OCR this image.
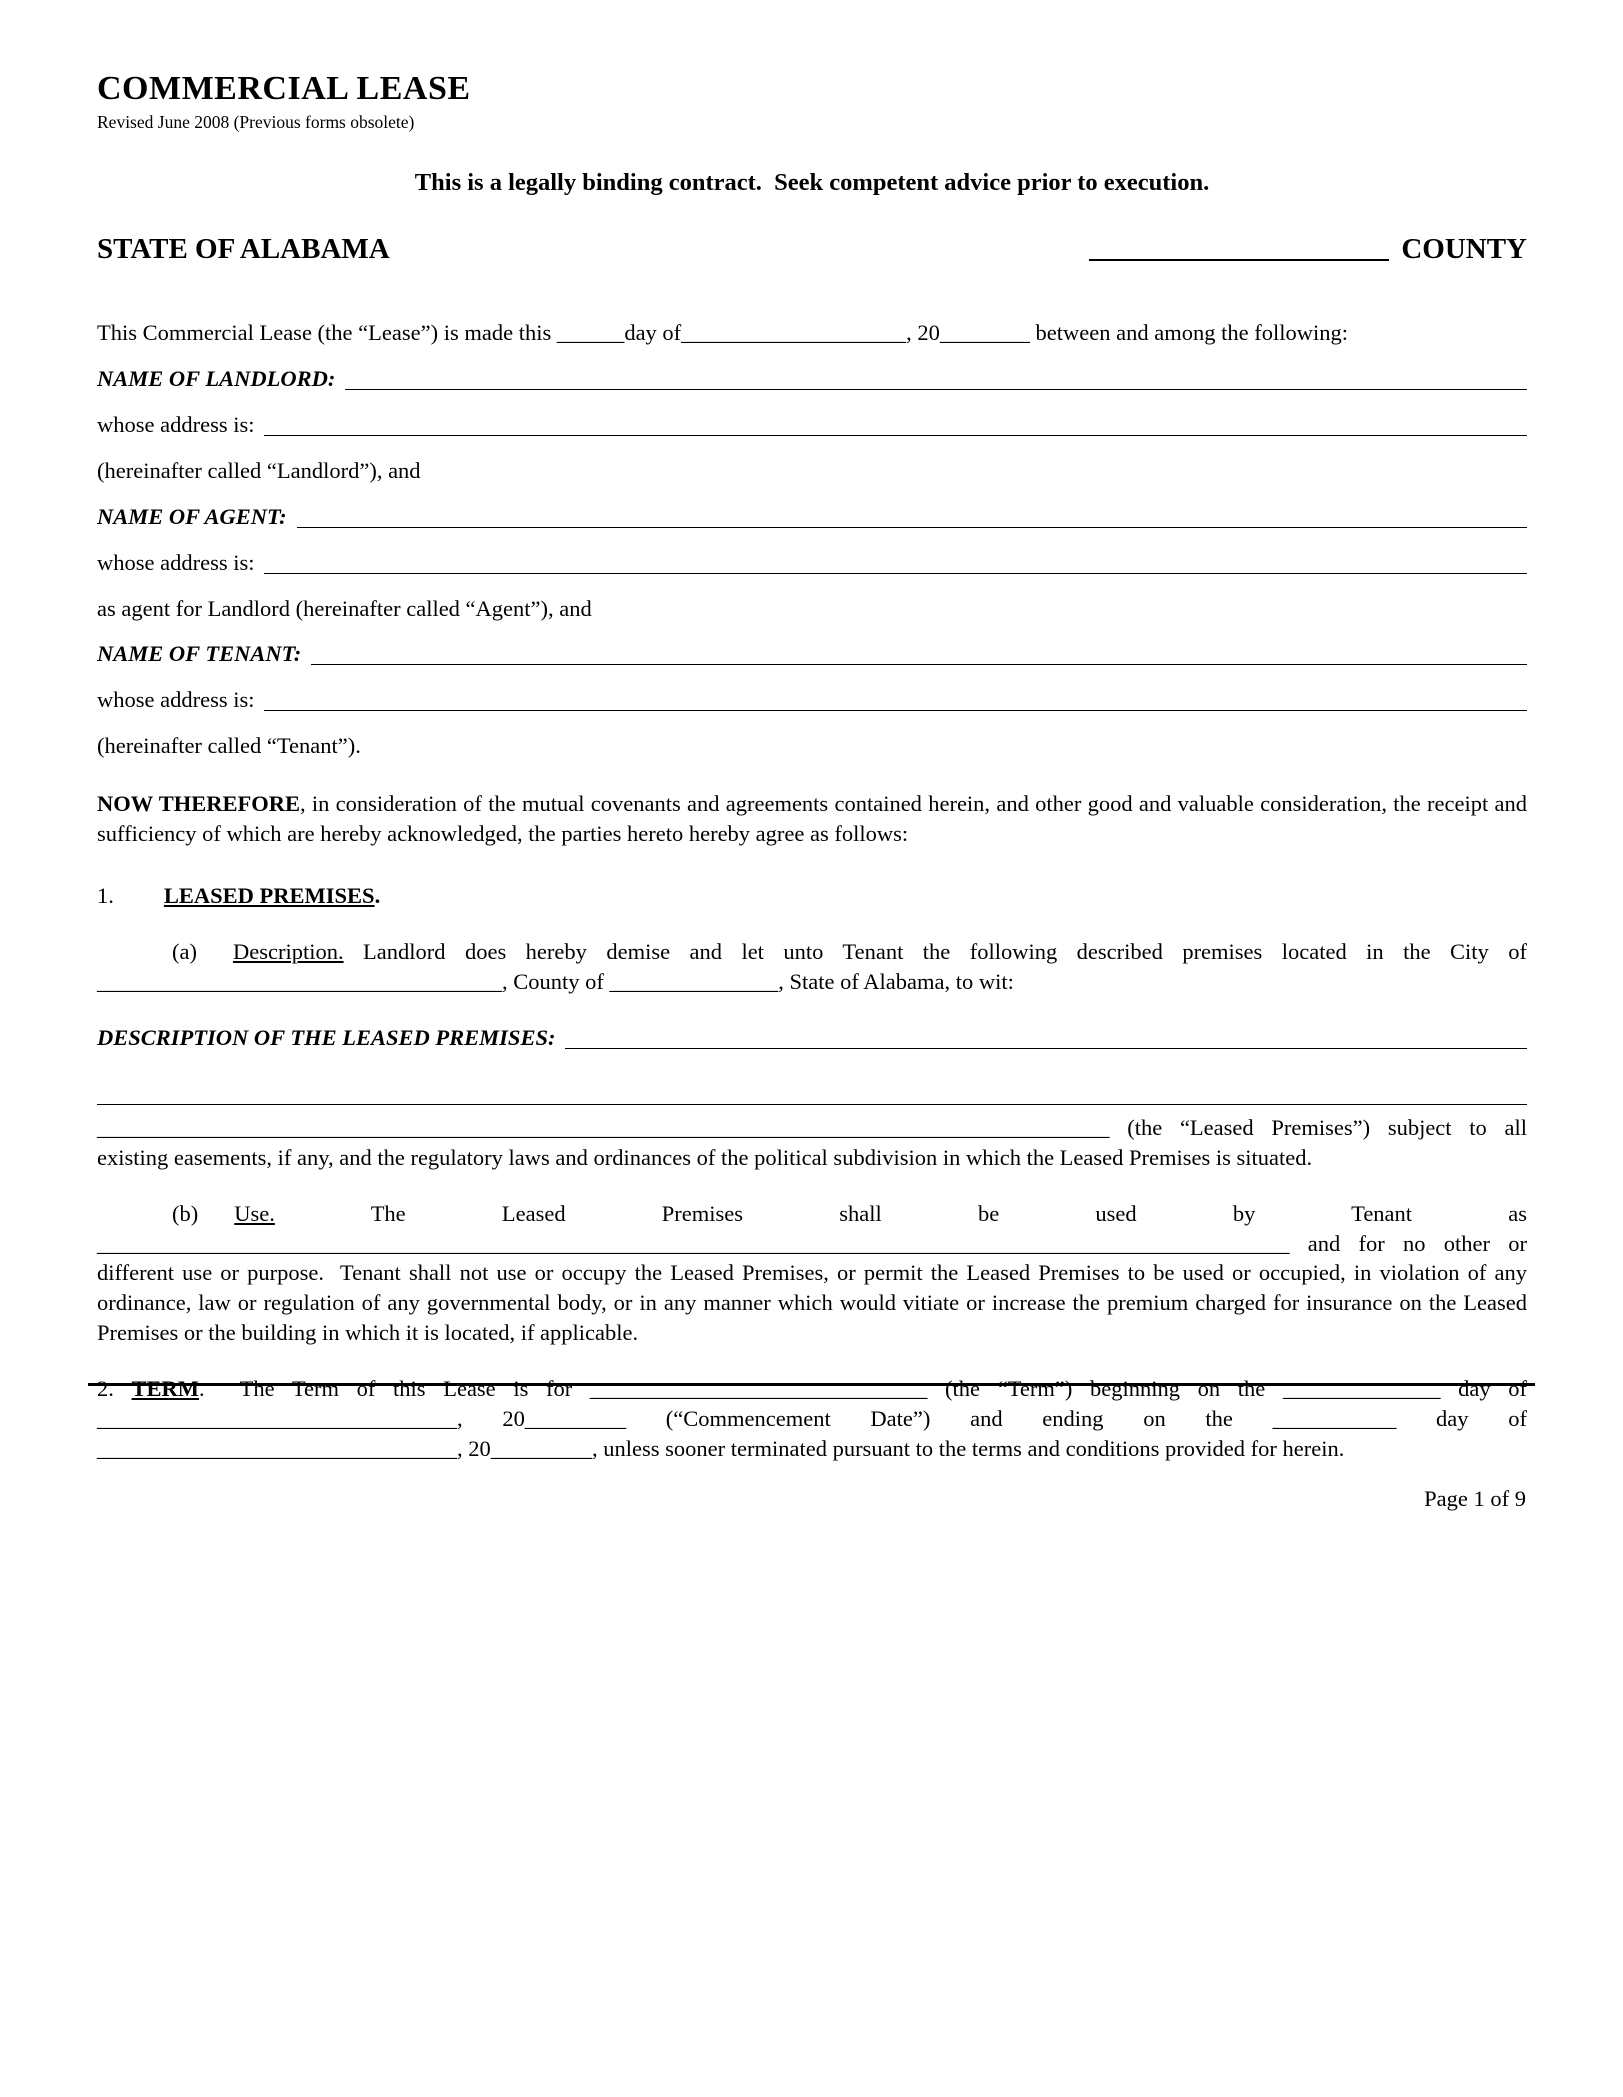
COMMERCIAL LEASE
Revised June 2008 (Previous forms obsolete)
This is a legally binding contract.  Seek competent advice prior to execution.
STATE OF ALABAMA	COUNTY

This Commercial Lease (the “Lease”) is made this ______day of____________________, 20________ between and among the following:

NAME OF LANDLORD:
whose address is:

(hereinafter called “Landlord”), and

NAME OF AGENT:
whose address is:

as agent for Landlord (hereinafter called “Agent”), and

NAME OF TENANT:
whose address is:

(hereinafter called “Tenant”).

NOW THEREFORE, in consideration of the mutual covenants and agreements contained herein, and other good and valuable consideration, the receipt and sufficiency of which are hereby acknowledged, the parties hereto hereby agree as follows:

1. LEASED PREMISES.

(a) Description. Landlord does hereby demise and let unto Tenant the following described premises located in the City of ____________________________________, County of _______________, State of Alabama, to wit:

DESCRIPTION OF THE LEASED PREMISES:

__________________________________________________________________________________________ (the “Leased Premises”) subject to all existing easements, if any, and the regulatory laws and ordinances of the political subdivision in which the Leased Premises is situated.

(b) Use.	The Leased Premises shall be used by Tenant as __________________________________________________________________________________________________________ and for no other or different use or purpose.  Tenant shall not use or occupy the Leased Premises, or permit the Leased Premises to be used or occupied, in violation of any ordinance, law or regulation of any governmental body, or in any manner which would vitiate or increase the premium charged for insurance on the Leased Premises or the building in which it is located, if applicable.

2. TERM.  The Term of this Lease is for ______________________________ (the “Term”) beginning on the ______________ day of ________________________________, 20_________ (“Commencement Date”) and ending on the ___________ day of ________________________________, 20_________, unless sooner terminated pursuant to the terms and conditions provided for herein.

Page 1 of 9
